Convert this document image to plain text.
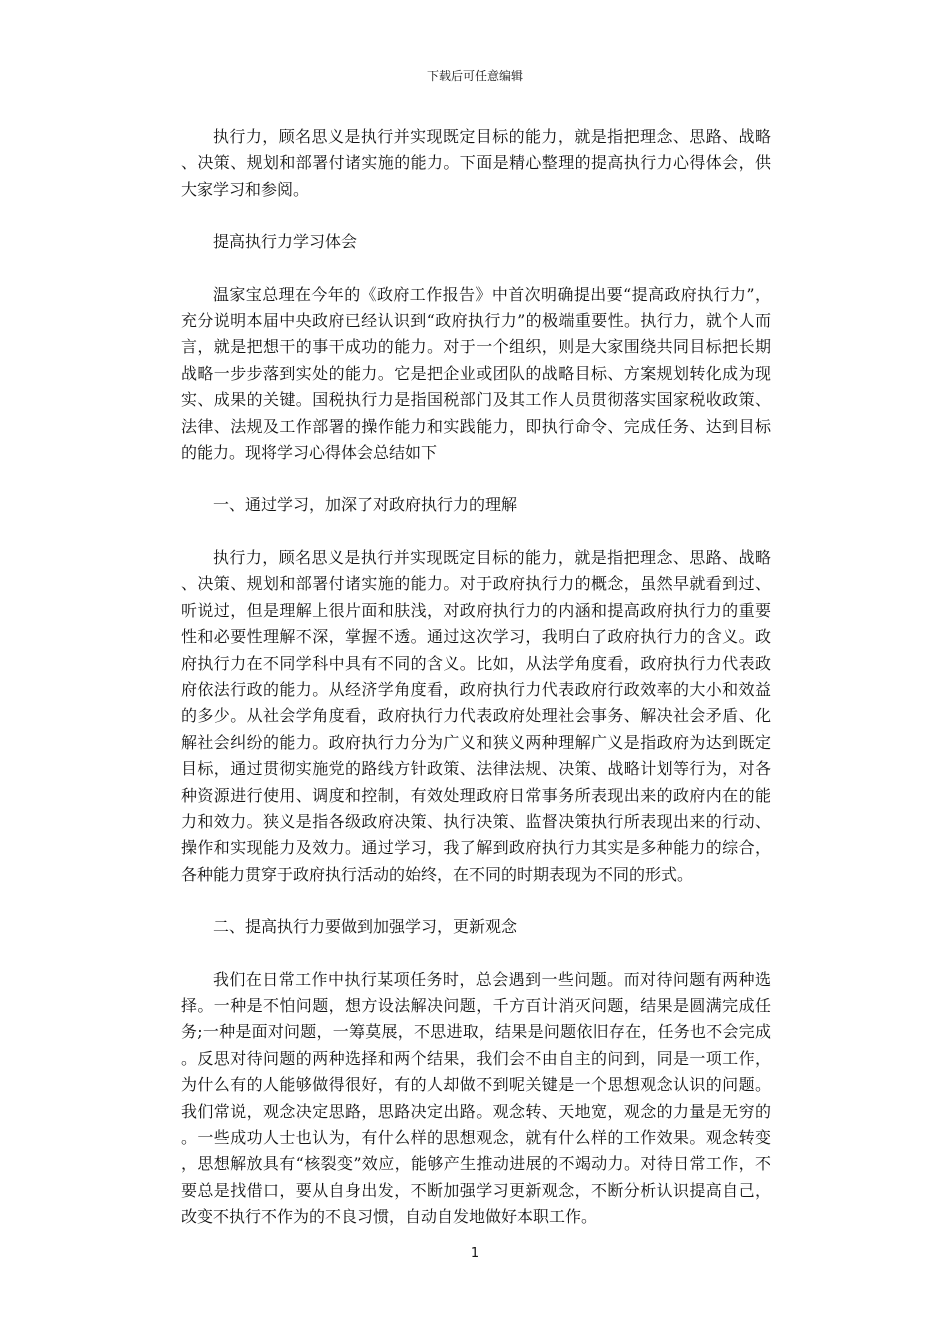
下载后可任意编辑

执行力，顾名思义是执行并实现既定目标的能力，就是指把理念、思路、战略、决策、规划和部署付诸实施的能力。下面是精心整理的提高执行力心得体会，供大家学习和参阅。

提高执行力学习体会

温家宝总理在今年的《政府工作报告》中首次明确提出要“提高政府执行力”，充分说明本届中央政府已经认识到“政府执行力”的极端重要性。执行力，就个人而言，就是把想干的事干成功的能力。对于一个组织，则是大家围绕共同目标把长期战略一步步落到实处的能力。它是把企业或团队的战略目标、方案规划转化成为现实、成果的关键。国税执行力是指国税部门及其工作人员贯彻落实国家税收政策、法律、法规及工作部署的操作能力和实践能力，即执行命令、完成任务、达到目标的能力。现将学习心得体会总结如下

一、通过学习，加深了对政府执行力的理解

执行力，顾名思义是执行并实现既定目标的能力，就是指把理念、思路、战略、决策、规划和部署付诸实施的能力。对于政府执行力的概念，虽然早就看到过、听说过，但是理解上很片面和肤浅，对政府执行力的内涵和提高政府执行力的重要性和必要性理解不深，掌握不透。通过这次学习，我明白了政府执行力的含义。政府执行力在不同学科中具有不同的含义。比如，从法学角度看，政府执行力代表政府依法行政的能力。从经济学角度看，政府执行力代表政府行政效率的大小和效益的多少。从社会学角度看，政府执行力代表政府处理社会事务、解决社会矛盾、化解社会纠纷的能力。政府执行力分为广义和狭义两种理解广义是指政府为达到既定目标，通过贯彻实施党的路线方针政策、法律法规、决策、战略计划等行为，对各种资源进行使用、调度和控制，有效处理政府日常事务所表现出来的政府内在的能力和效力。狭义是指各级政府决策、执行决策、监督决策执行所表现出来的行动、操作和实现能力及效力。通过学习，我了解到政府执行力其实是多种能力的综合，各种能力贯穿于政府执行活动的始终，在不同的时期表现为不同的形式。

二、提高执行力要做到加强学习，更新观念

我们在日常工作中执行某项任务时，总会遇到一些问题。而对待问题有两种选择。一种是不怕问题，想方设法解决问题，千方百计消灭问题，结果是圆满完成任务;一种是面对问题，一筹莫展，不思进取，结果是问题依旧存在，任务也不会完成。反思对待问题的两种选择和两个结果，我们会不由自主的问到，同是一项工作，为什么有的人能够做得很好，有的人却做不到呢关键是一个思想观念认识的问题。我们常说，观念决定思路，思路决定出路。观念转、天地宽，观念的力量是无穷的。一些成功人士也认为，有什么样的思想观念，就有什么样的工作效果。观念转变，思想解放具有“核裂变”效应，能够产生推动进展的不竭动力。对待日常工作，不要总是找借口，要从自身出发，不断加强学习更新观念，不断分析认识提高自己，改变不执行不作为的不良习惯，自动自发地做好本职工作。

1
